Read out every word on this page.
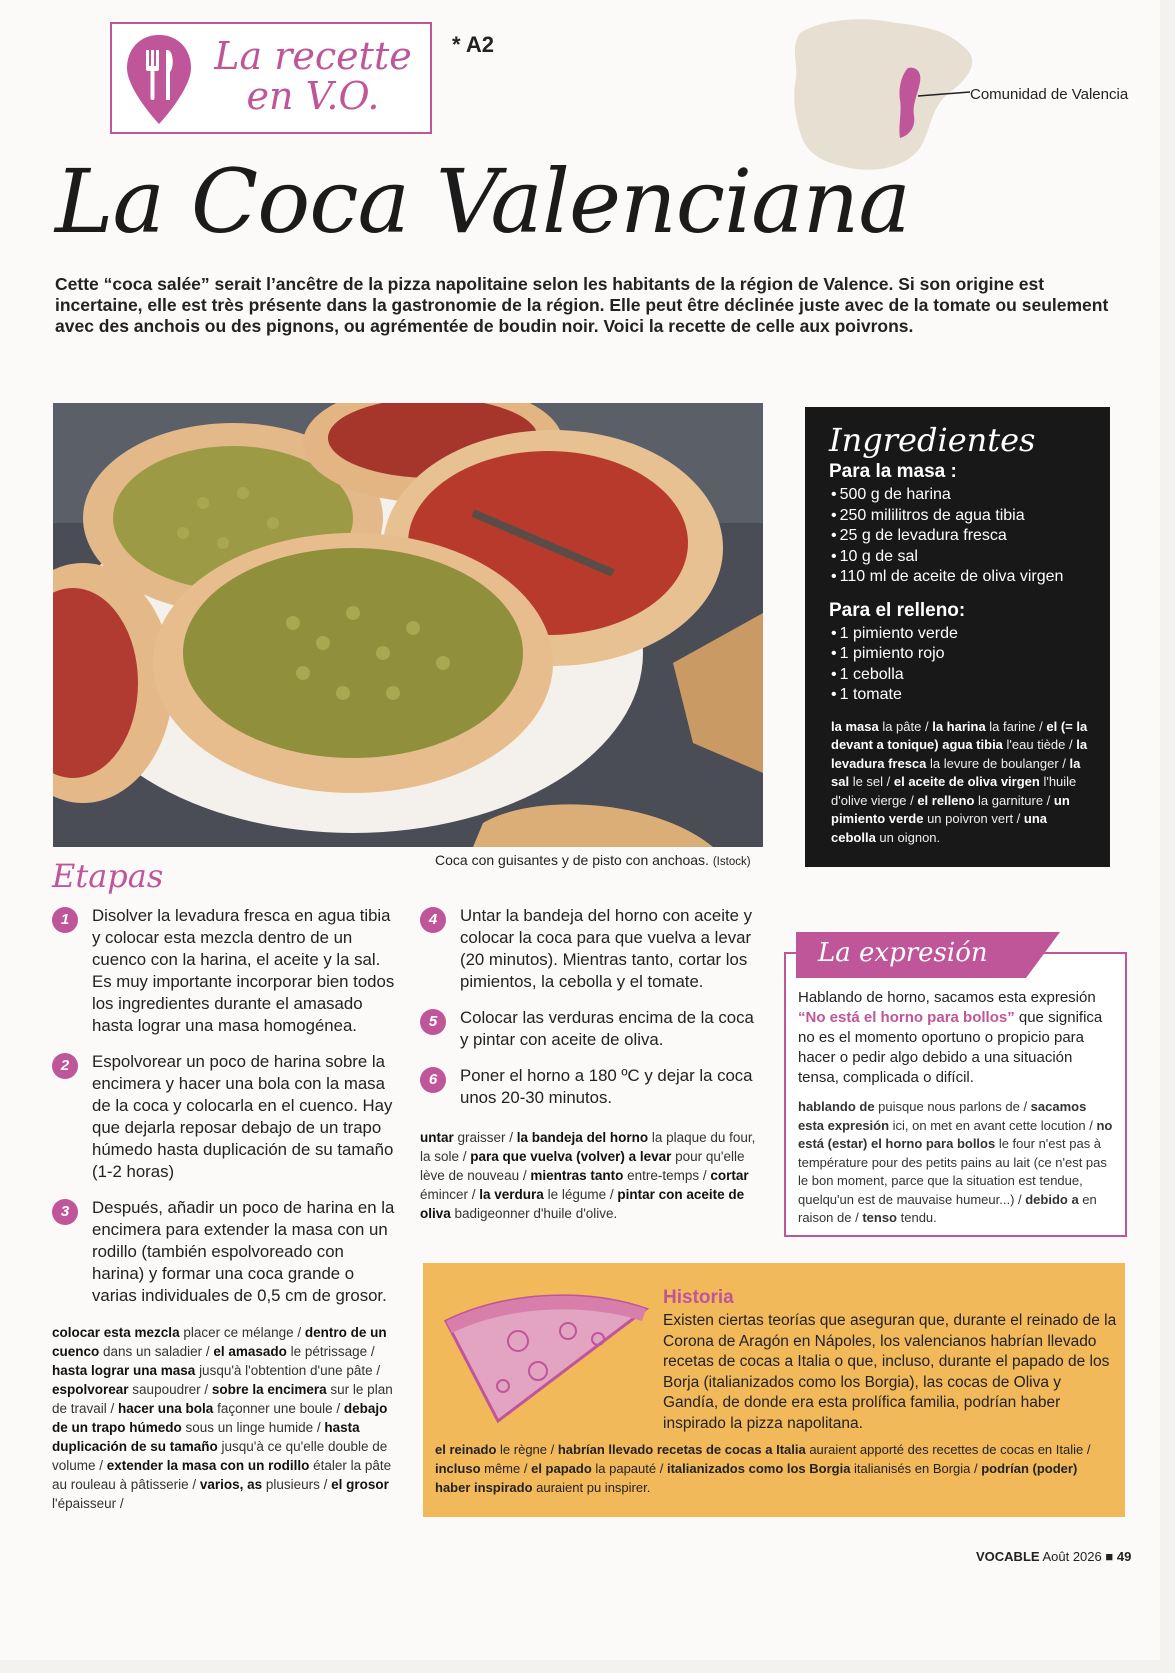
La recette
en V.O.
* A2
Comunidad de Valencia
La Coca Valenciana
Cette “coca salée” serait l’ancêtre de la pizza napolitaine selon les habitants de la région de Valence. Si son origine est incertaine, elle est très présente dans la gastronomie de la région. Elle peut être déclinée juste avec de la tomate ou seulement avec des anchois ou des pignons, ou agrémentée de boudin noir. Voici la recette de celle aux poivrons.
Coca con guisantes y de pisto con anchoas. (Istock)
Ingredientes
Para la masa :
• 500 g de harina
• 250 mililitros de agua tibia
• 25 g de levadura fresca
• 10 g de sal
• 110 ml de aceite de oliva virgen
Para el relleno:
• 1 pimiento verde
• 1 pimiento rojo
• 1 cebolla
• 1 tomate
la masa la pâte / la harina la farine / el (= la devant a tonique) agua tibia l'eau tiède / la levadura fresca la levure de boulanger / la sal le sel / el aceite de oliva virgen l'huile d'olive vierge / el relleno la garniture / un pimiento verde un poivron vert / una cebolla un oignon.
Etapas
1	Disolver la levadura fresca en agua tibia y colocar esta mezcla dentro de un cuenco con la harina, el aceite y la sal. Es muy importante incorporar bien todos los ingredientes durante el amasado hasta lograr una masa homogénea.
2	Espolvorear un poco de harina sobre la encimera y hacer una bola con la masa de la coca y colocarla en el cuenco. Hay que dejarla reposar debajo de un trapo húmedo hasta duplicación de su tamaño (1-2 horas)
3	Después, añadir un poco de harina en la encimera para extender la masa con un rodillo (también espolvoreado con harina) y formar una coca grande o varias individuales de 0,5 cm de grosor.
colocar esta mezcla placer ce mélange / dentro de un cuenco dans un saladier / el amasado le pétrissage / hasta lograr una masa jusqu'à l'obtention d'une pâte / espolvorear saupoudrer / sobre la encimera sur le plan de travail / hacer una bola façonner une boule / debajo de un trapo húmedo sous un linge humide / hasta duplicación de su tamaño jusqu'à ce qu'elle double de volume / extender la masa con un rodillo étaler la pâte au rouleau à pâtisserie / varios, as plusieurs / el grosor l'épaisseur /
4	Untar la bandeja del horno con aceite y colocar la coca para que vuelva a levar (20 minutos). Mientras tanto, cortar los pimientos, la cebolla y el tomate.
5	Colocar las verduras encima de la coca y pintar con aceite de oliva.
6	Poner el horno a 180 ºC y dejar la coca unos 20-30 minutos.
untar graisser / la bandeja del horno la plaque du four, la sole / para que vuelva (volver) a levar pour qu'elle lève de nouveau / mientras tanto entre-temps / cortar émincer / la verdura le légume / pintar con aceite de oliva badigeonner d'huile d'olive.
La expresión

Hablando de horno, sacamos esta expresión “No está el horno para bollos” que significa no es el momento oportuno o propicio para hacer o pedir algo debido a una situación tensa, complicada o difícil.

hablando de puisque nous parlons de / sacamos esta expresión ici, on met en avant cette locution / no está (estar) el horno para bollos le four n'est pas à température pour des petits pains au lait (ce n'est pas le bon moment, parce que la situation est tendue, quelqu'un est de mauvaise humeur...) / debido a en raison de / tenso tendu.

Historia
Existen ciertas teorías que aseguran que, durante el reinado de la Corona de Aragón en Nápoles, los valencianos habrían llevado recetas de cocas a Italia o que, incluso, durante el papado de los Borja (italianizados como los Borgia), las cocas de Oliva y Gandía, de donde era esta prolífica familia, podrían haber inspirado la pizza napolitana.
el reinado le règne / habrían llevado recetas de cocas a Italia auraient apporté des recettes de cocas en Italie / incluso même / el papado la papauté / italianizados como los Borgia italianisés en Borgia / podrían (poder) haber inspirado auraient pu inspirer.
VOCABLE Août 2026 ■ 49
